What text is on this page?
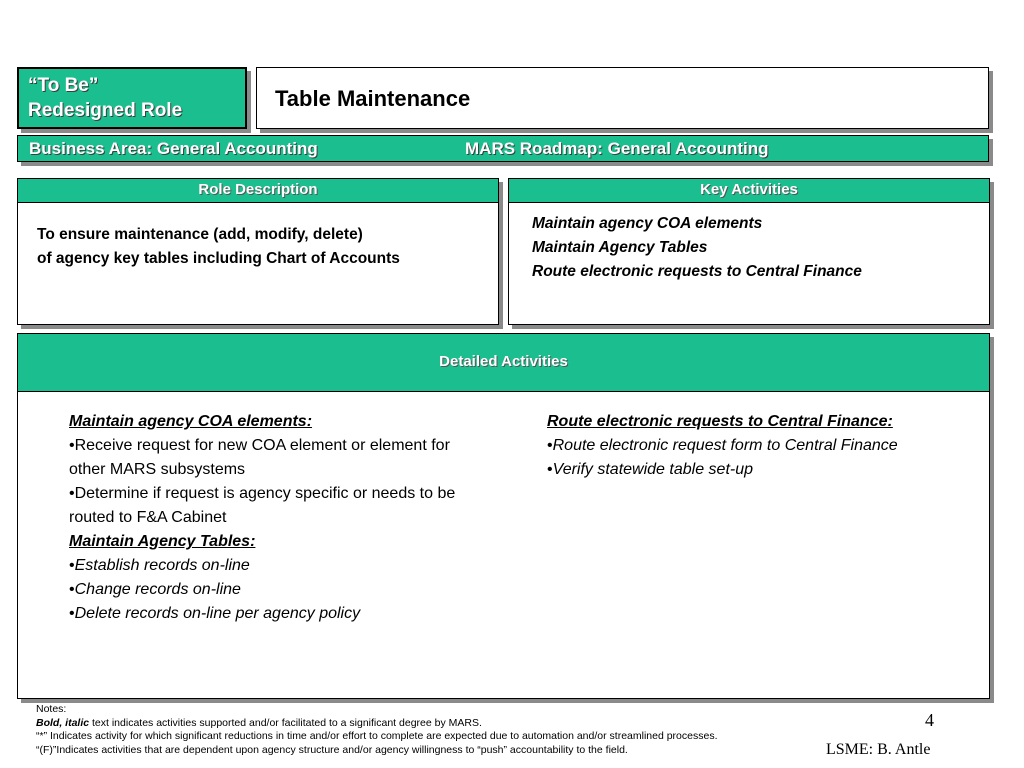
“To Be”
Redesigned Role	Table Maintenance
Business Area: General Accounting	MARS Roadmap: General Accounting
Role Description
To ensure maintenance (add, modify, delete)
of agency key tables including Chart of Accounts
Key Activities
Maintain agency COA elements
Maintain Agency Tables
Route electronic requests to Central Finance
Detailed Activities
Maintain agency COA elements:
•Receive request for new COA element or element for
other MARS subsystems
•Determine if request is agency specific or needs to be
routed to F&A Cabinet
Maintain Agency Tables:
•Establish records on-line
•Change records on-line
•Delete records on-line per agency policy
Route electronic requests to Central Finance:
•Route electronic request form to Central Finance
•Verify statewide table set-up
Notes:
Bold, italic text indicates activities supported and/or facilitated to a significant degree by MARS.
“*” Indicates activity for which significant reductions in time and/or effort to complete are expected due to automation and/or streamlined processes.
“(F)”Indicates activities that are dependent upon agency structure and/or agency willingness to “push” accountability to the field.
4
LSME: B. Antle
